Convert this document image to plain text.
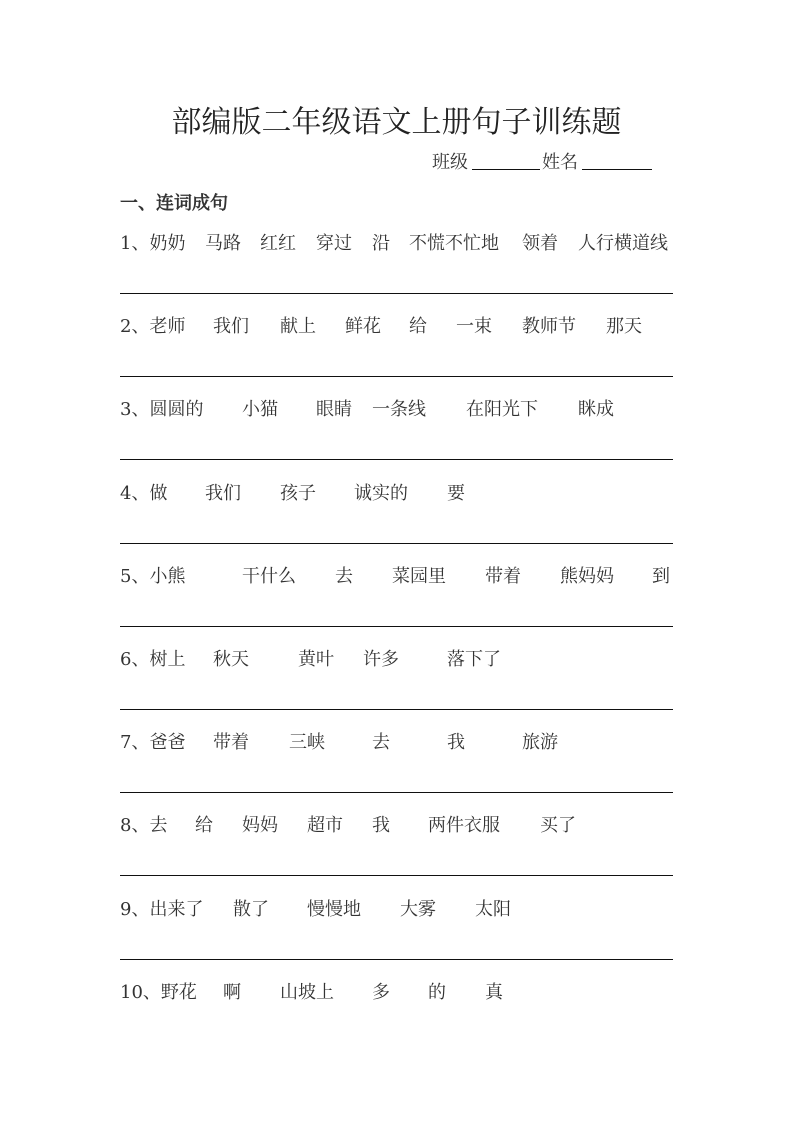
部编版二年级语文上册句子训练题
班级	姓名
一、连词成句
1、奶奶 马路 红红 穿过 沿 不慌不忙地 领着 人行横道线
2、老师 我们 献上 鲜花 给 一束 教师节 那天
3、圆圆的 小猫 眼睛 一条线 在阳光下 眯成
4、做 我们 孩子 诚实的 要
5、小熊	干什么 去 菜园里 带着 熊妈妈 到
6、树上 秋天	黄叶 许多	落下了
7、爸爸 带着 三峡	去	我	旅游
8、去 给 妈妈 超市 我 两件衣服 买了
9、出来了 散了 慢慢地 大雾 太阳
10、野花 啊 山坡上 多 的 真
